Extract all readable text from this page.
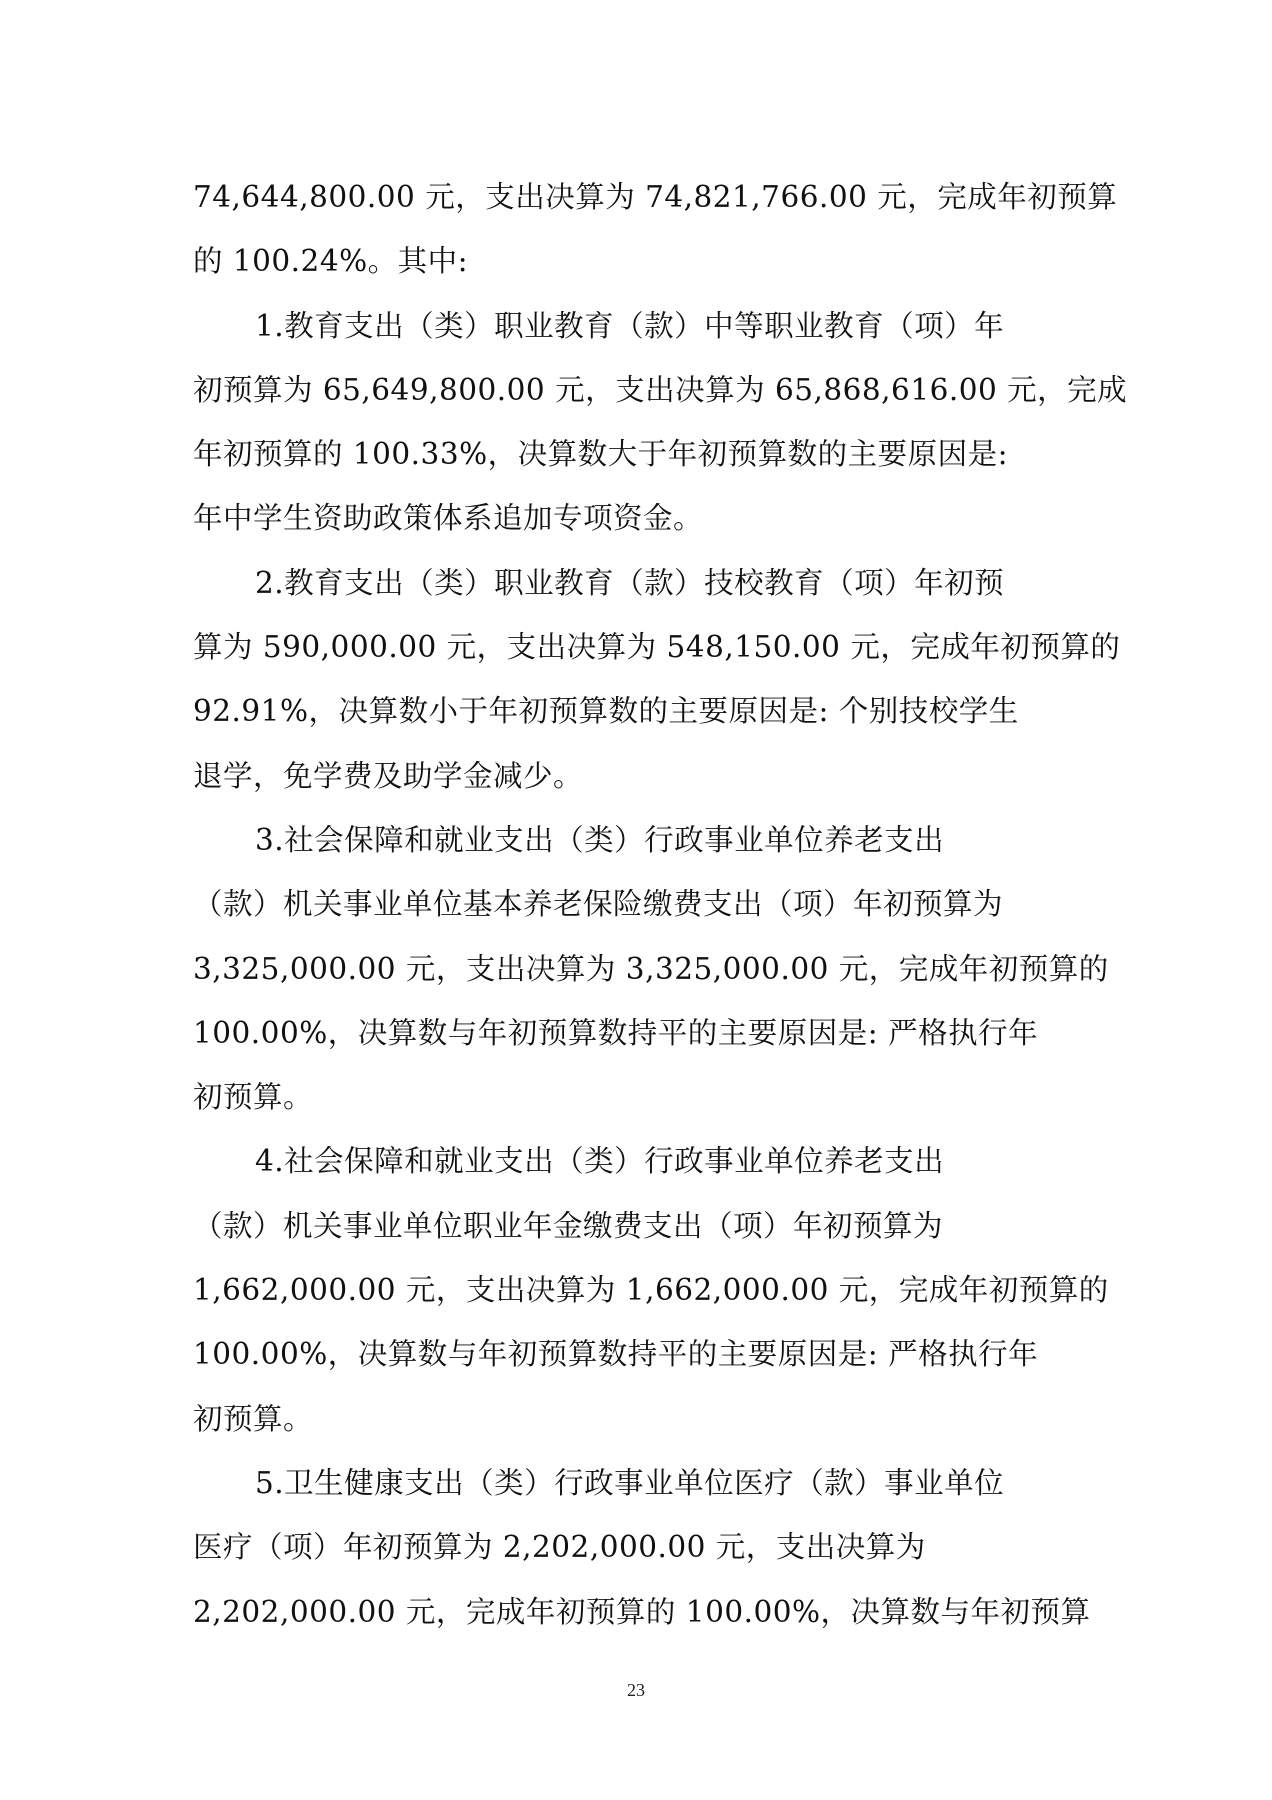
74,644,800.00 元，支出决算为 74,821,766.00 元，完成年初预算
的 100.24%。其中:
1.教育支出（类）职业教育（款）中等职业教育（项）年
初预算为 65,649,800.00 元，支出决算为 65,868,616.00 元，完成
年初预算的 100.33%，决算数大于年初预算数的主要原因是:
年中学生资助政策体系追加专项资金。
2.教育支出（类）职业教育（款）技校教育（项）年初预
算为 590,000.00 元，支出决算为 548,150.00 元，完成年初预算的
92.91%，决算数小于年初预算数的主要原因是: 个别技校学生
退学，免学费及助学金减少。
3.社会保障和就业支出（类）行政事业单位养老支出
（款）机关事业单位基本养老保险缴费支出（项）年初预算为
3,325,000.00 元，支出决算为 3,325,000.00 元，完成年初预算的
100.00%，决算数与年初预算数持平的主要原因是: 严格执行年
初预算。
4.社会保障和就业支出（类）行政事业单位养老支出
（款）机关事业单位职业年金缴费支出（项）年初预算为
1,662,000.00 元，支出决算为 1,662,000.00 元，完成年初预算的
100.00%，决算数与年初预算数持平的主要原因是: 严格执行年
初预算。
5.卫生健康支出（类）行政事业单位医疗（款）事业单位
医疗（项）年初预算为 2,202,000.00 元，支出决算为
2,202,000.00 元，完成年初预算的 100.00%，决算数与年初预算
23
